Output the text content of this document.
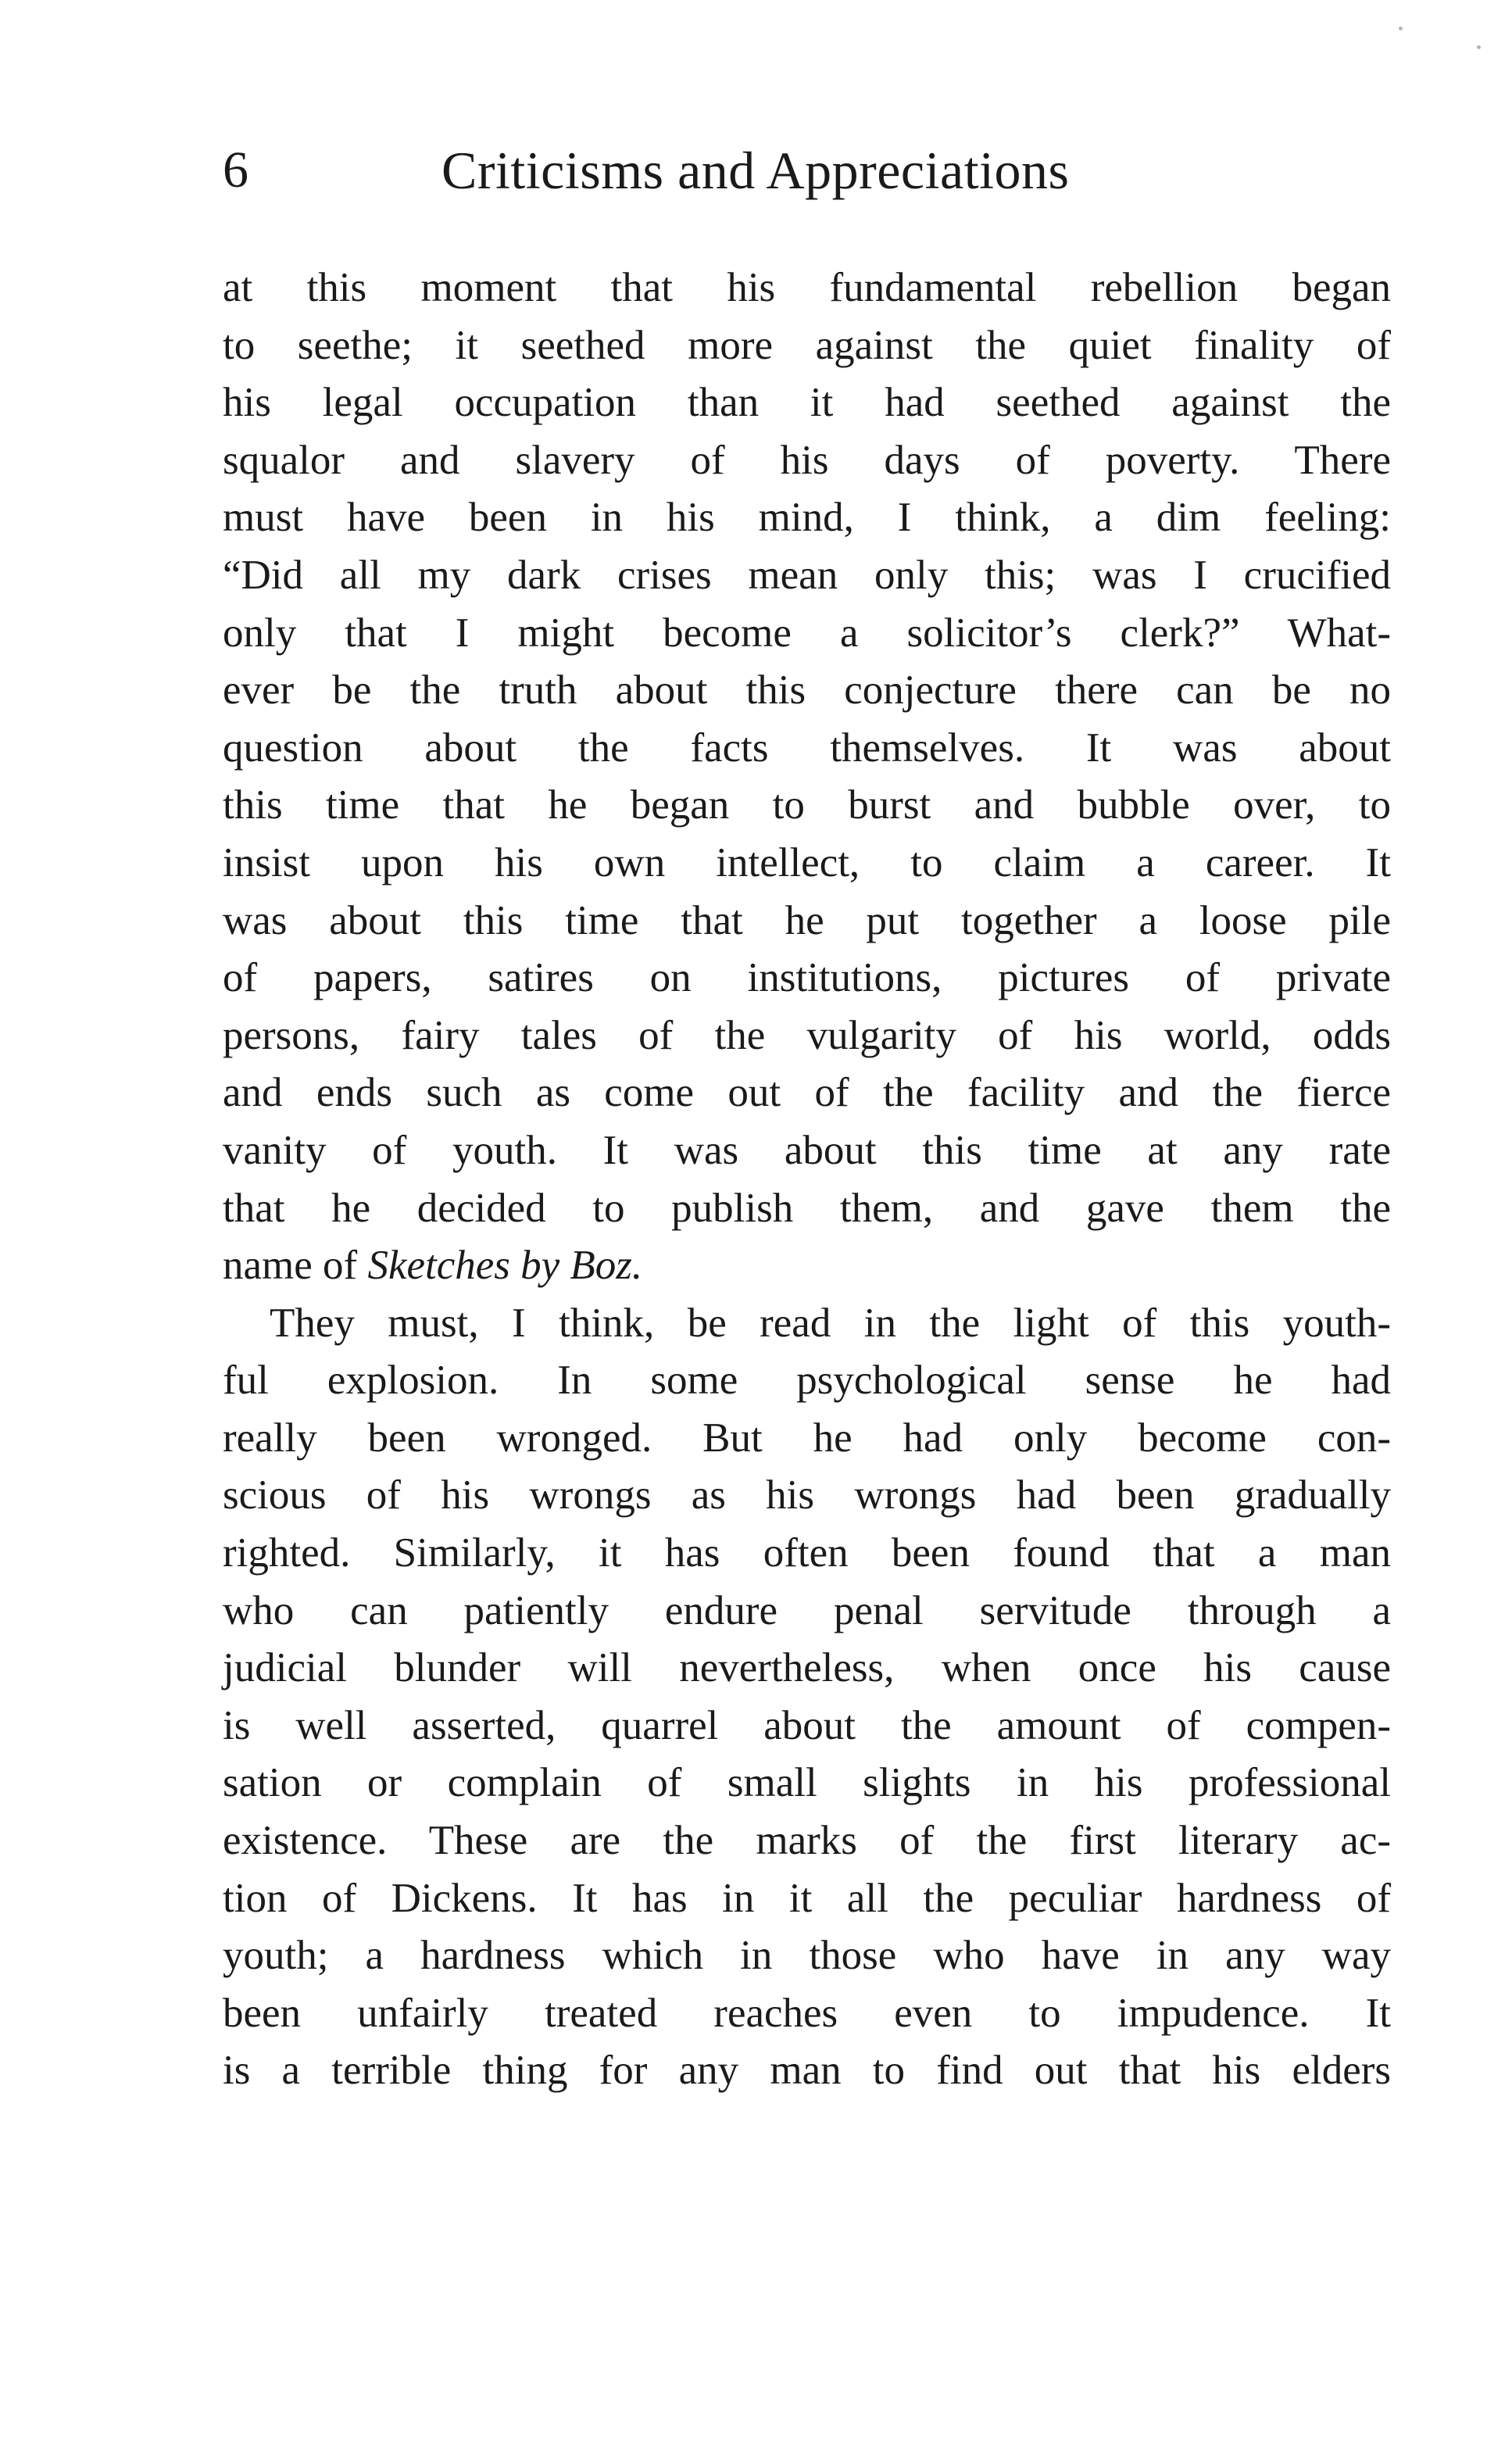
6	Criticisms and Appreciations
at this moment that his fundamental rebellion began
to seethe; it seethed more against the quiet finality of
his legal occupation than it had seethed against the
squalor and slavery of his days of poverty. There
must have been in his mind, I think, a dim feeling:
“Did all my dark crises mean only this; was I crucified
only that I might become a solicitor’s clerk?” What-
ever be the truth about this conjecture there can be no
question about the facts themselves. It was about
this time that he began to burst and bubble over, to
insist upon his own intellect, to claim a career. It
was about this time that he put together a loose pile
of papers, satires on institutions, pictures of private
persons, fairy tales of the vulgarity of his world, odds
and ends such as come out of the facility and the fierce
vanity of youth. It was about this time at any rate
that he decided to publish them, and gave them the
name of Sketches by Boz.
They must, I think, be read in the light of this youth-
ful explosion. In some psychological sense he had
really been wronged. But he had only become con-
scious of his wrongs as his wrongs had been gradually
righted. Similarly, it has often been found that a man
who can patiently endure penal servitude through a
judicial blunder will nevertheless, when once his cause
is well asserted, quarrel about the amount of compen-
sation or complain of small slights in his professional
existence. These are the marks of the first literary ac-
tion of Dickens. It has in it all the peculiar hardness of
youth; a hardness which in those who have in any way
been unfairly treated reaches even to impudence. It
is a terrible thing for any man to find out that his elders
